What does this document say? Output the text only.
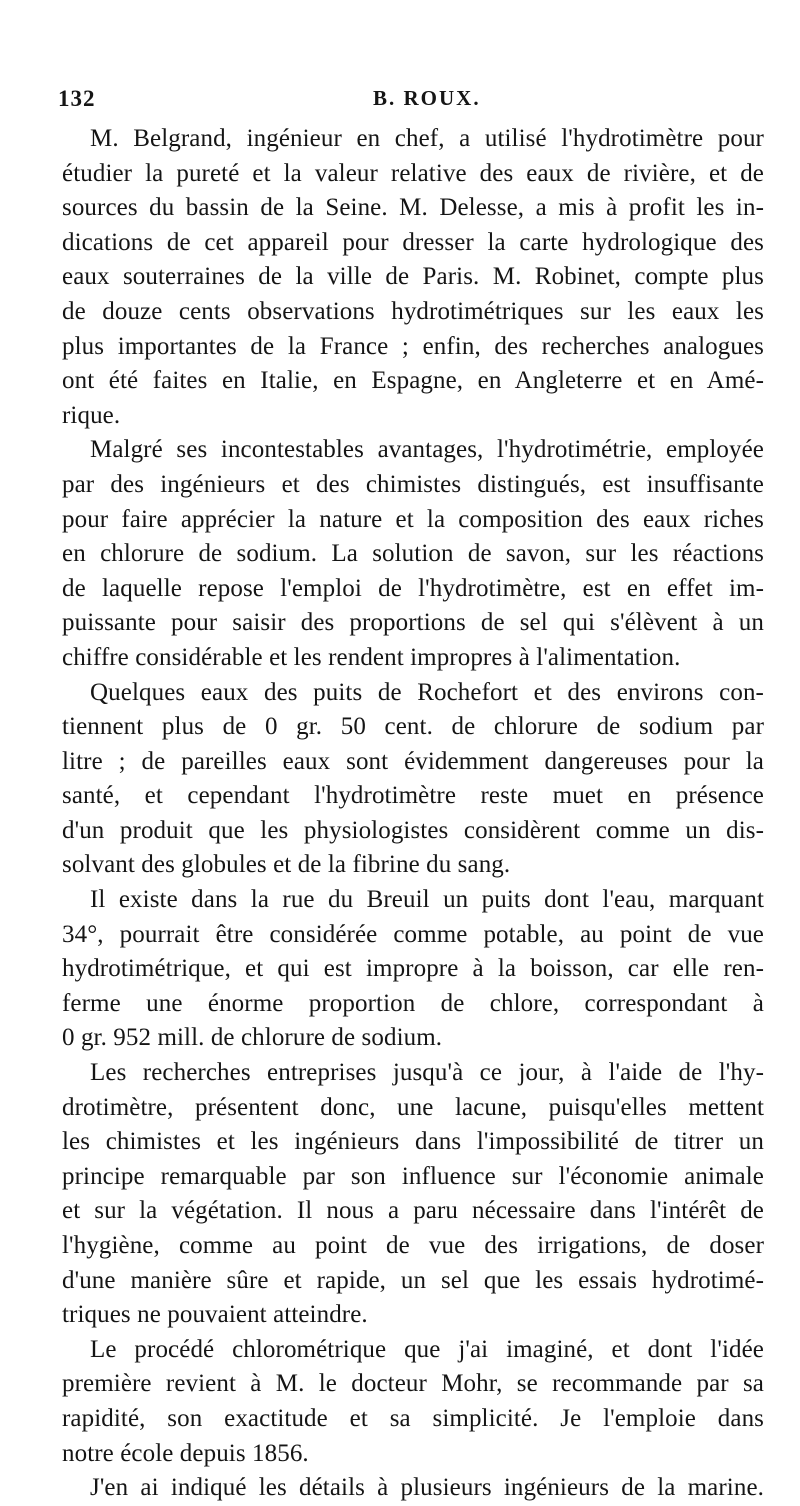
132	B. ROUX.
M. Belgrand, ingénieur en chef, a utilisé l'hydrotimètre pour
étudier la pureté et la valeur relative des eaux de rivière, et de
sources du bassin de la Seine. M. Delesse, a mis à profit les in-
dications de cet appareil pour dresser la carte hydrologique des
eaux souterraines de la ville de Paris. M. Robinet, compte plus
de douze cents observations hydrotimétriques sur les eaux les
plus importantes de la France ; enfin, des recherches analogues
ont été faites en Italie, en Espagne, en Angleterre et en Amé-
rique.
Malgré ses incontestables avantages, l'hydrotimétrie, employée
par des ingénieurs et des chimistes distingués, est insuffisante
pour faire apprécier la nature et la composition des eaux riches
en chlorure de sodium. La solution de savon, sur les réactions
de laquelle repose l'emploi de l'hydrotimètre, est en effet im-
puissante pour saisir des proportions de sel qui s'élèvent à un
chiffre considérable et les rendent impropres à l'alimentation.
Quelques eaux des puits de Rochefort et des environs con-
tiennent plus de 0 gr. 50 cent. de chlorure de sodium par
litre ; de pareilles eaux sont évidemment dangereuses pour la
santé, et cependant l'hydrotimètre reste muet en présence
d'un produit que les physiologistes considèrent comme un dis-
solvant des globules et de la fibrine du sang.
Il existe dans la rue du Breuil un puits dont l'eau, marquant
34°, pourrait être considérée comme potable, au point de vue
hydrotimétrique, et qui est impropre à la boisson, car elle ren-
ferme une énorme proportion de chlore, correspondant à
0 gr. 952 mill. de chlorure de sodium.
Les recherches entreprises jusqu'à ce jour, à l'aide de l'hy-
drotimètre, présentent donc, une lacune, puisqu'elles mettent
les chimistes et les ingénieurs dans l'impossibilité de titrer un
principe remarquable par son influence sur l'économie animale
et sur la végétation. Il nous a paru nécessaire dans l'intérêt de
l'hygiène, comme au point de vue des irrigations, de doser
d'une manière sûre et rapide, un sel que les essais hydrotimé-
triques ne pouvaient atteindre.
Le procédé chlorométrique que j'ai imaginé, et dont l'idée
première revient à M. le docteur Mohr, se recommande par sa
rapidité, son exactitude et sa simplicité. Je l'emploie dans
notre école depuis 1856.
J'en ai indiqué les détails à plusieurs ingénieurs de la marine.
